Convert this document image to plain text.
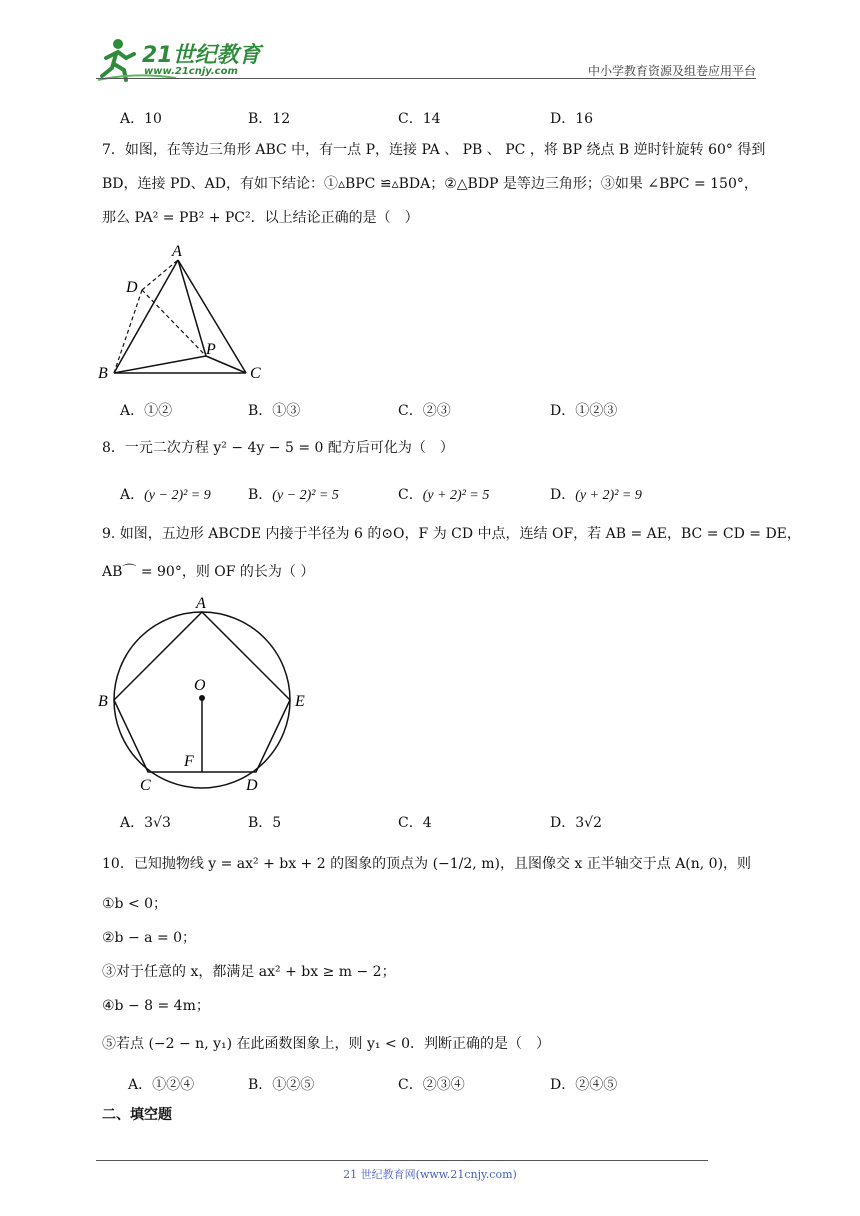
21世纪教育
www.21cnjy.com	中小学教育资源及组卷应用平台
A．10	B．12	C．14	D．16
7．如图，在等边三角形 ABC 中，有一点 P，连接 PA 、 PB 、 PC ，将 BP 绕点 B 逆时针旋转 60° 得到
BD，连接 PD、AD，有如下结论：①▵BPC ≌▵BDA；②△BDP 是等边三角形；③如果 ∠BPC = 150°，
那么 PA² = PB² + PC²．以上结论正确的是（　）
A
D
P
B	C
A．①②	B．①③	C．②③	D．①②③
8．一元二次方程 y² − 4y − 5 = 0 配方后可化为（　）
A．(y − 2)² = 9	B．(y − 2)² = 5	C．(y + 2)² = 5	D．(y + 2)² = 9
9. 如图，五边形 ABCDE 内接于半径为 6 的⊙O，F 为 CD 中点，连结 OF，若 AB = AE，BC = CD = DE，
AB⌒ = 90°，则 OF 的长为（ ）
A
B	E
O
F
C	D
A．3√3	B．5	C．4	D．3√2
10．已知抛物线 y = ax² + bx + 2 的图象的顶点为 (−1/2, m)，且图像交 x 正半轴交于点 A(n, 0)，则
①b < 0；
②b − a = 0；
③对于任意的 x，都满足 ax² + bx ≥ m − 2；
④b − 8 = 4m；
⑤若点 (−2 − n, y₁) 在此函数图象上，则 y₁ < 0．判断正确的是（　）
A．①②④	B．①②⑤	C．②③④	D．②④⑤
二、填空题
21 世纪教育网(www.21cnjy.com)
